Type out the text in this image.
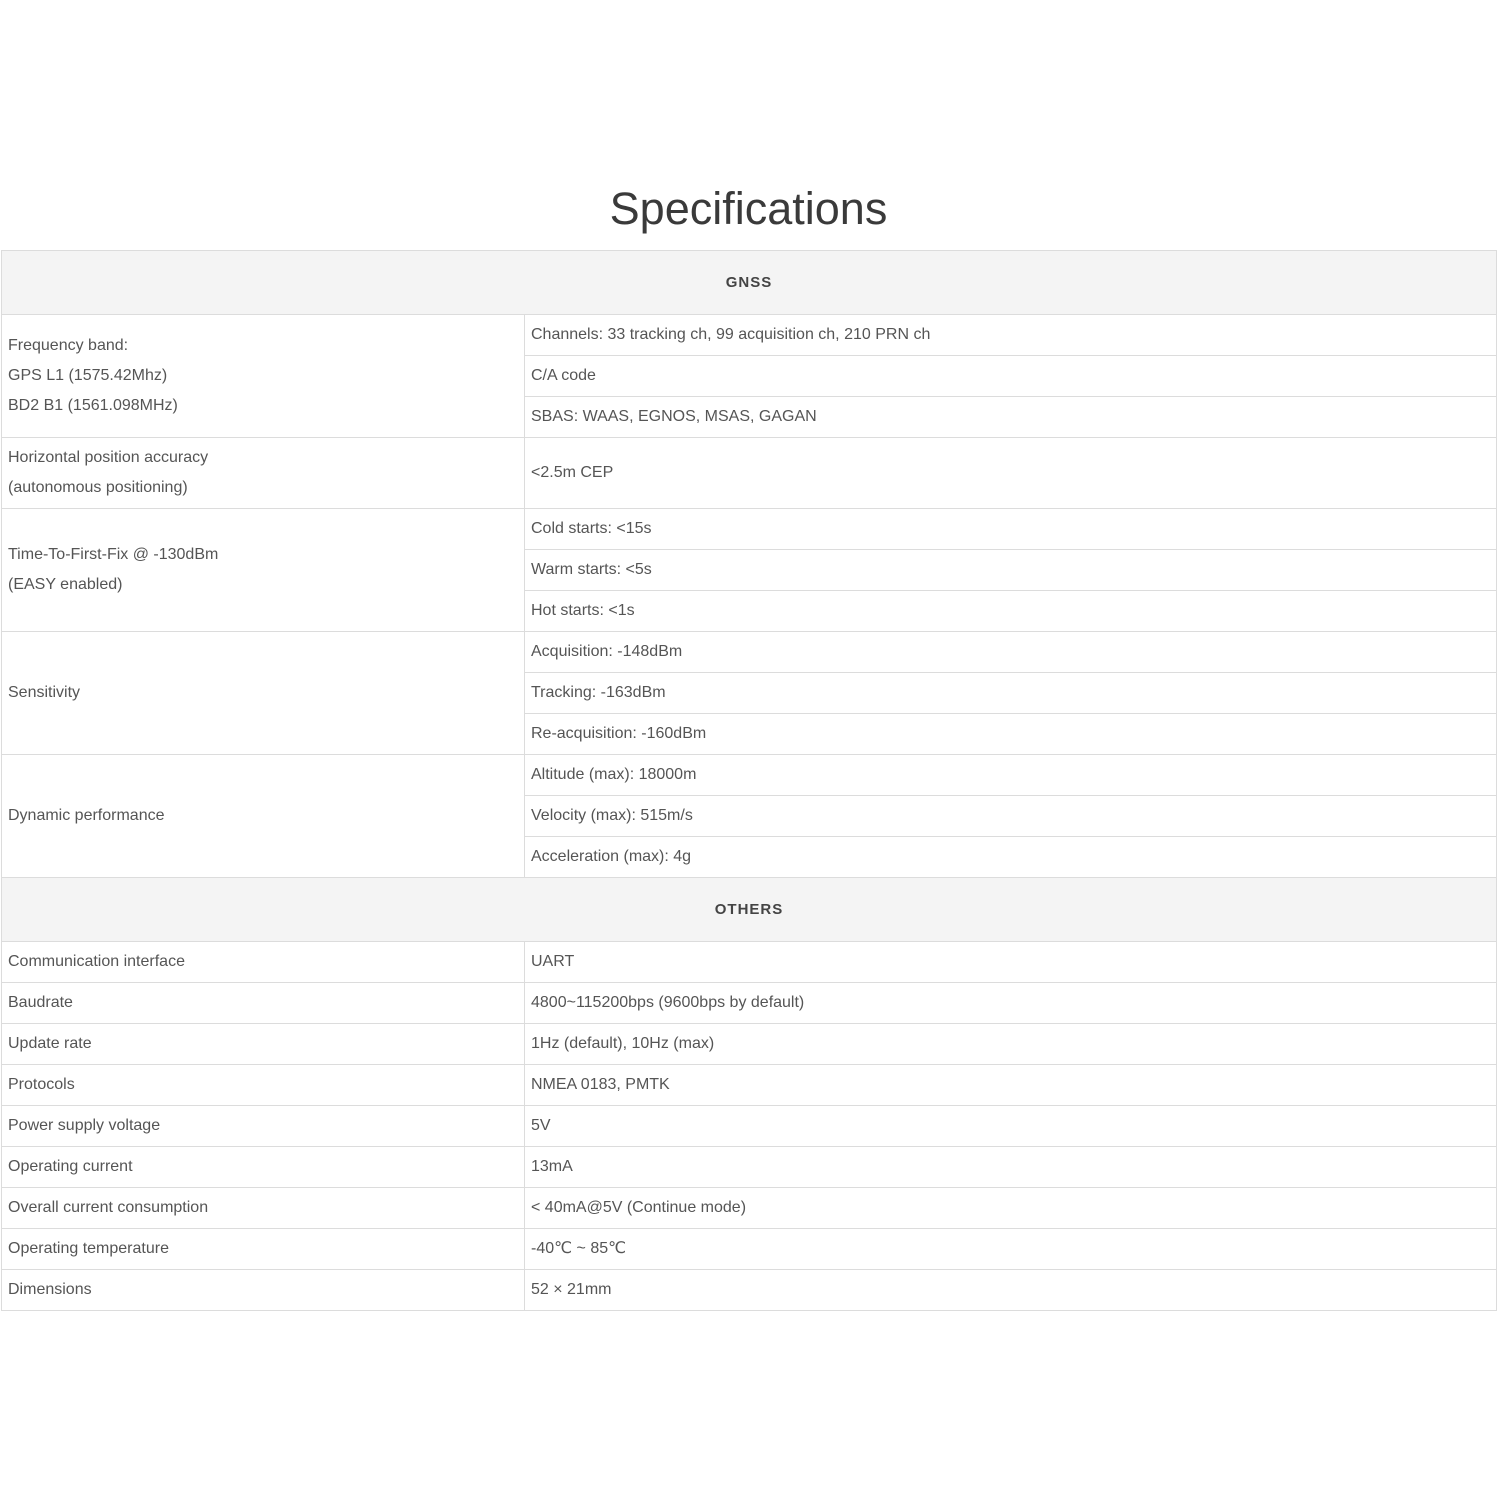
Specifications
GNSS	

Frequency band:
GPS L1 (1575.42Mhz)
BD2 B1 (1561.098MHz)	Channels: 33 tracking ch, 99 acquisition ch, 210 PRN ch
	C/A code
	SBAS: WAAS, EGNOS, MSAS, GAGAN

Horizontal position accuracy
(autonomous positioning)	<2.5m CEP

Time-To-First-Fix @ -130dBm
(EASY enabled)	Cold starts: <15s
	Warm starts: <5s
	Hot starts: <1s
Sensitivity	Acquisition: -148dBm
	Tracking: -163dBm
	Re-acquisition: -160dBm
Dynamic performance	Altitude (max): 18000m
	Velocity (max): 515m/s
	Acceleration (max): 4g
OTHERS	
Communication interface	UART
Baudrate	4800~115200bps (9600bps by default)
Update rate	1Hz (default), 10Hz (max)
Protocols	NMEA 0183, PMTK
Power supply voltage	5V
Operating current	13mA
Overall current consumption	< 40mA@5V (Continue mode)
Operating temperature	-40℃ ~ 85℃
Dimensions	52 × 21mm
